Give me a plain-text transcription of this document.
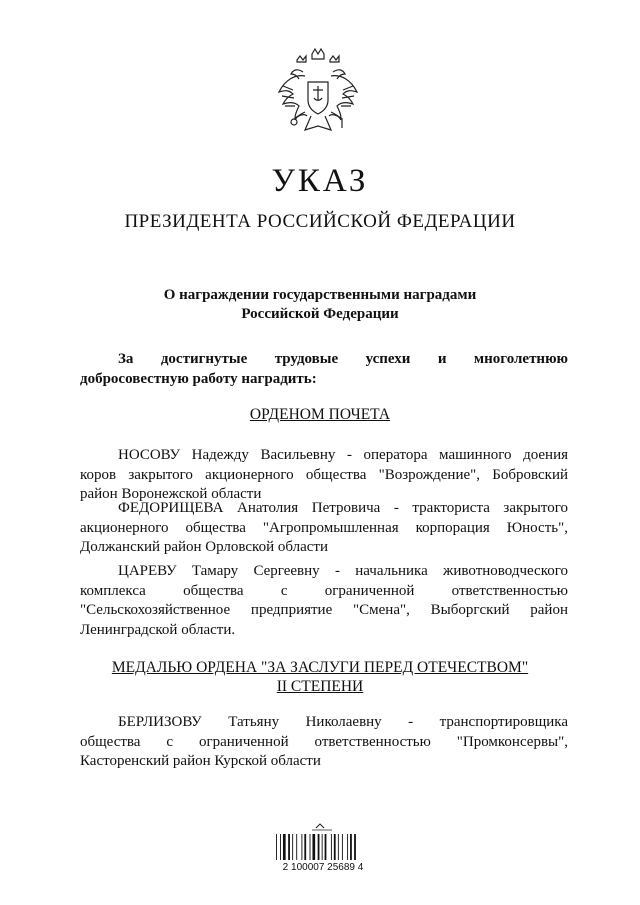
УКАЗ
ПРЕЗИДЕНТА РОССИЙСКОЙ ФЕДЕРАЦИИ
О награждении государственными наградами
Российской Федерации
За достигнутые трудовые успехи и многолетнюю
добросовестную работу наградить:
ОРДЕНОМ ПОЧЕТА
НОСОВУ Надежду Васильевну - оператора машинного доения
коров закрытого акционерного общества "Возрождение", Бобровский
район Воронежской области
ФЕДОРИЩЕВА Анатолия Петровича - тракториста закрытого
акционерного общества "Агропромышленная корпорация Юность",
Должанский район Орловской области
ЦАРЕВУ Тамару Сергеевну - начальника животноводческого
комплекса общества с ограниченной ответственностью
"Сельскохозяйственное предприятие "Смена", Выборгский район
Ленинградской области.
МЕДАЛЬЮ ОРДЕНА "ЗА ЗАСЛУГИ ПЕРЕД ОТЕЧЕСТВОМ"
II СТЕПЕНИ
БЕРЛИЗОВУ Татьяну Николаевну - транспортировщика
общества с ограниченной ответственностью "Промконсервы",
Касторенский район Курской области
2 100007 25689 4
